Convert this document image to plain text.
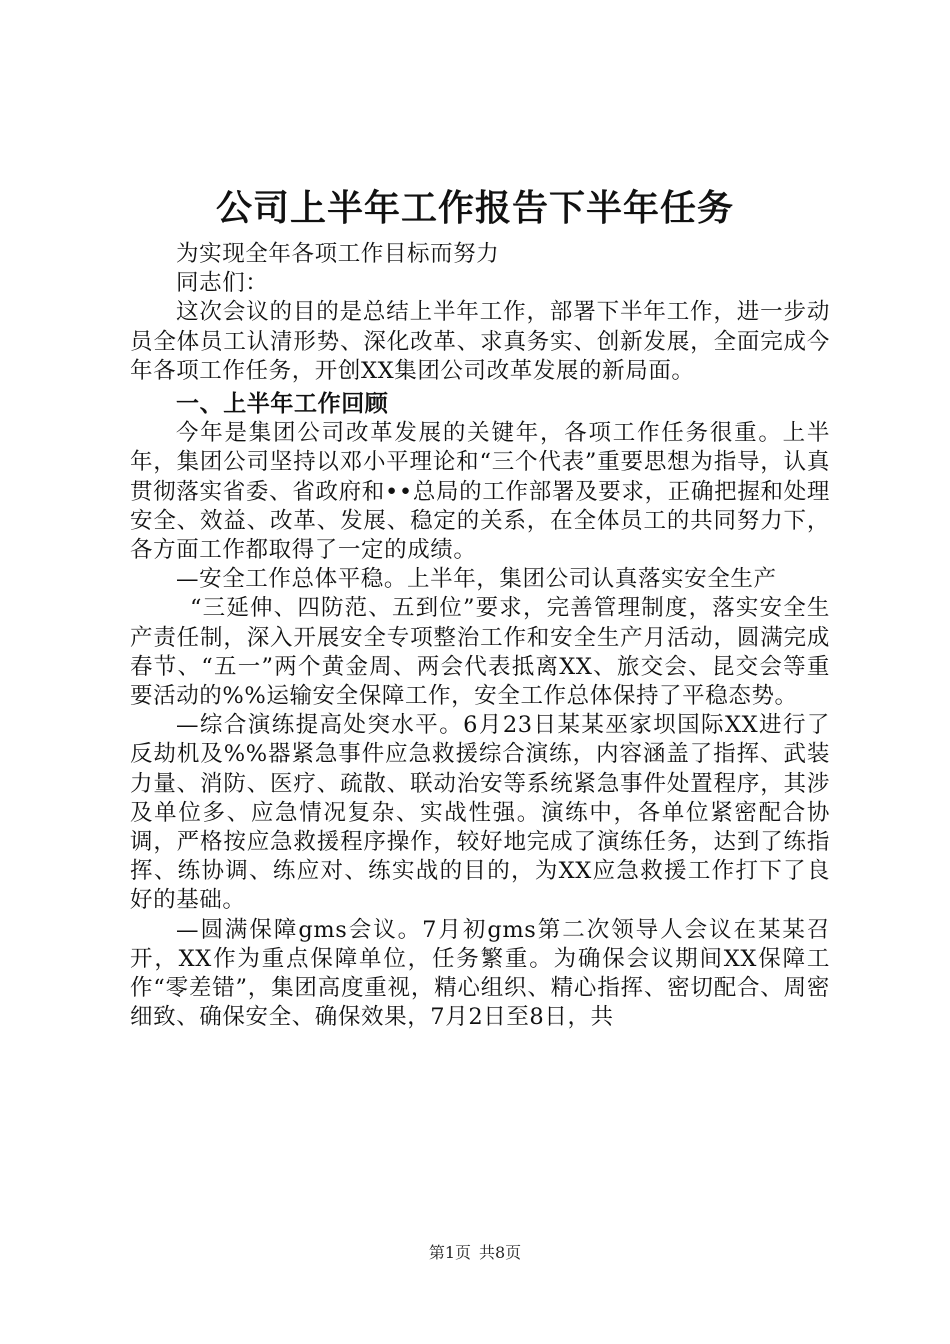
公司上半年工作报告下半年任务

为实现全年各项工作目标而努力

同志们：

这次会议的目的是总结上半年工作，部署下半年工作，进一步动员全体员工认清形势、深化改革、求真务实、创新发展，全面完成今年各项工作任务，开创XX集团公司改革发展的新局面。

一、上半年工作回顾

今年是集团公司改革发展的关键年，各项工作任务很重。上半年，集团公司坚持以邓小平理论和“三个代表”重要思想为指导，认真贯彻落实省委、省政府和••总局的工作部署及要求，正确把握和处理安全、效益、改革、发展、稳定的关系，在全体员工的共同努力下，各方面工作都取得了一定的成绩。

—安全工作总体平稳。上半年，集团公司认真落实安全生产

“三延伸、四防范、五到位”要求，完善管理制度，落实安全生产责任制，深入开展安全专项整治工作和安全生产月活动，圆满完成春节、“五一”两个黄金周、两会代表抵离XX、旅交会、昆交会等重要活动的%%运输安全保障工作，安全工作总体保持了平稳态势。

—综合演练提高处突水平。6月23日某某巫家坝国际XX进行了反劫机及%%器紧急事件应急救援综合演练，内容涵盖了指挥、武装力量、消防、医疗、疏散、联动治安等系统紧急事件处置程序，其涉及单位多、应急情况复杂、实战性强。演练中，各单位紧密配合协调，严格按应急救援程序操作，较好地完成了演练任务，达到了练指挥、练协调、练应对、练实战的目的，为XX应急救援工作打下了良好的基础。

—圆满保障gms会议。7月初gms第二次领导人会议在某某召开，XX作为重点保障单位，任务繁重。为确保会议期间XX保障工作“零差错”，集团高度重视，精心组织、精心指挥、密切配合、周密细致、确保安全、确保效果，7月2日至8日，共

第1页 共8页
